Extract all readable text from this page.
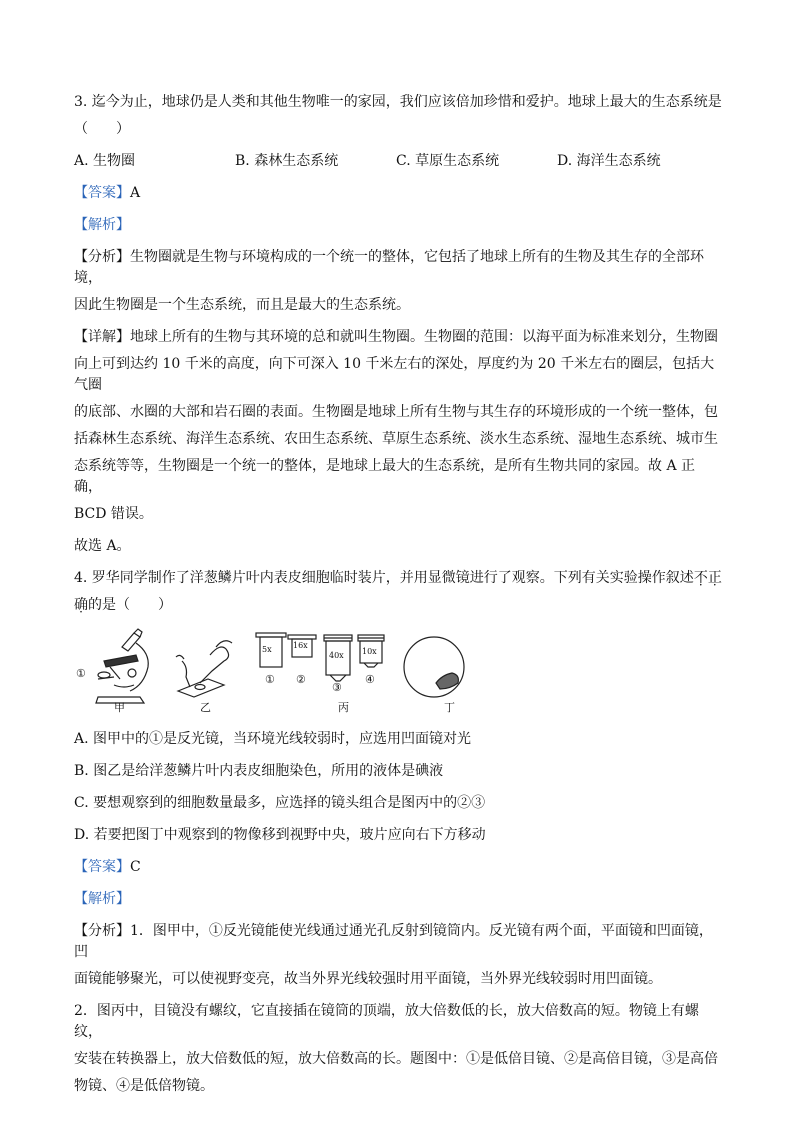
3. 迄今为止，地球仍是人类和其他生物唯一的家园，我们应该倍加珍惜和爱护。地球上最大的生态系统是

（　　）

A. 生物圈	B. 森林生态系统	C. 草原生态系统	D. 海洋生态系统

【答案】A

【解析】

【分析】生物圈就是生物与环境构成的一个统一的整体，它包括了地球上所有的生物及其生存的全部环境，

因此生物圈是一个生态系统，而且是最大的生态系统。

【详解】地球上所有的生物与其环境的总和就叫生物圈。生物圈的范围：以海平面为标准来划分，生物圈

向上可到达约 10 千米的高度，向下可深入 10 千米左右的深处，厚度约为 20 千米左右的圈层，包括大气圈

的底部、水圈的大部和岩石圈的表面。生物圈是地球上所有生物与其生存的环境形成的一个统一整体，包

括森林生态系统、海洋生态系统、农田生态系统、草原生态系统、淡水生态系统、湿地生态系统、城市生

态系统等等，生物圈是一个统一的整体，是地球上最大的生态系统，是所有生物共同的家园。故 A 正确，

BCD 错误。

故选 A。

4. 罗华同学制作了洋葱鳞片叶内表皮细胞临时装片，并用显微镜进行了观察。下列有关实验操作叙述不正

确的是（　　）

①
5x	16x
40x 10x
① ②
③
④
甲	乙	丙	丁

A. 图甲中的①是反光镜，当环境光线较弱时，应选用凹面镜对光

B. 图乙是给洋葱鳞片叶内表皮细胞染色，所用的液体是碘液

C. 要想观察到的细胞数量最多，应选择的镜头组合是图丙中的②③

D. 若要把图丁中观察到的物像移到视野中央，玻片应向右下方移动

【答案】C

【解析】

【分析】1．图甲中，①反光镜能使光线通过通光孔反射到镜筒内。反光镜有两个面，平面镜和凹面镜，凹

面镜能够聚光，可以使视野变亮，故当外界光线较强时用平面镜，当外界光线较弱时用凹面镜。

2．图丙中，目镜没有螺纹，它直接插在镜筒的顶端，放大倍数低的长，放大倍数高的短。物镜上有螺纹，

安装在转换器上，放大倍数低的短，放大倍数高的长。题图中：①是低倍目镜、②是高倍目镜，③是高倍

物镜、④是低倍物镜。
